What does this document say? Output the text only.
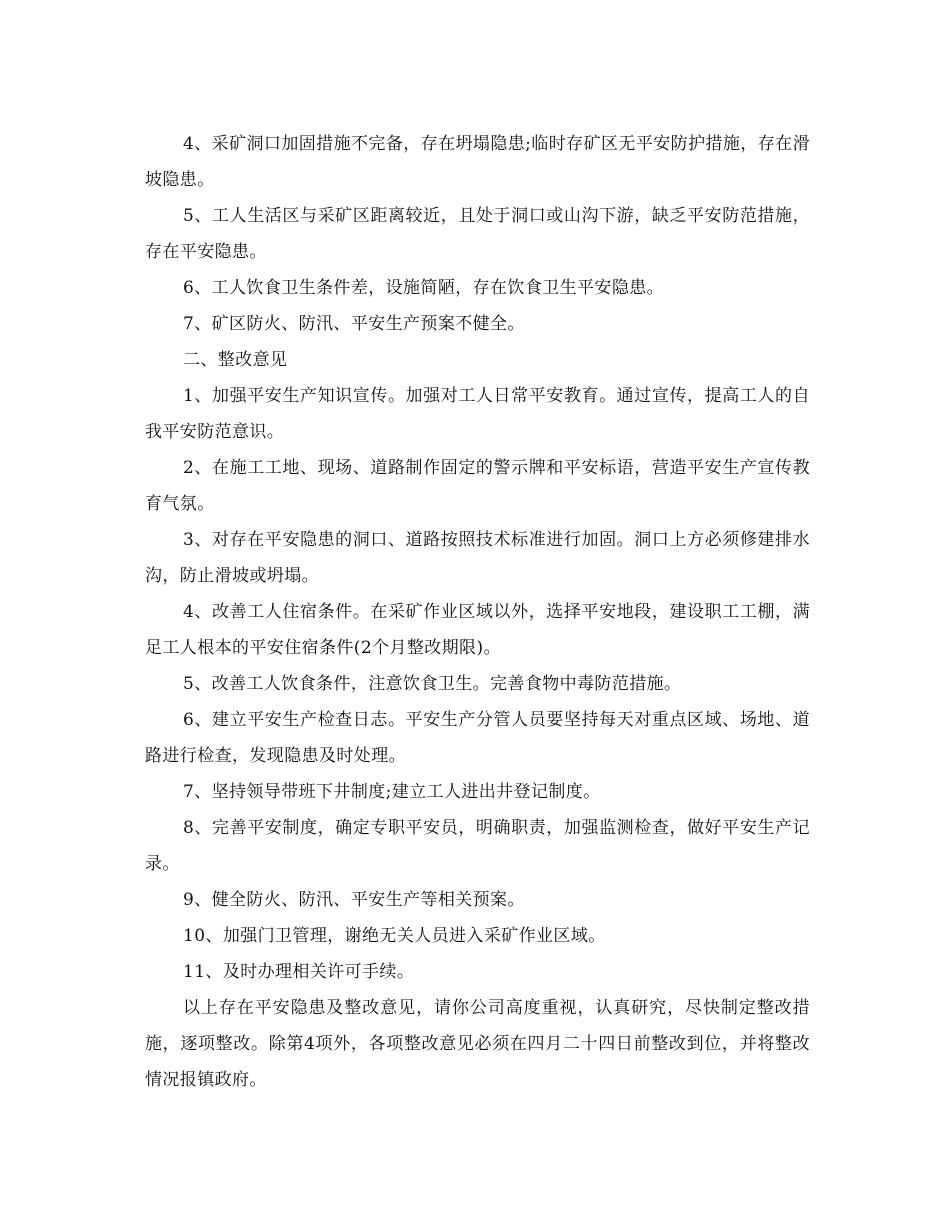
4、采矿洞口加固措施不完备，存在坍塌隐患;临时存矿区无平安防护措施，存在滑坡隐患。

5、工人生活区与采矿区距离较近，且处于洞口或山沟下游，缺乏平安防范措施，存在平安隐患。

6、工人饮食卫生条件差，设施简陋，存在饮食卫生平安隐患。

7、矿区防火、防汛、平安生产预案不健全。

二、整改意见

1、加强平安生产知识宣传。加强对工人日常平安教育。通过宣传，提高工人的自我平安防范意识。

2、在施工工地、现场、道路制作固定的警示牌和平安标语，营造平安生产宣传教育气氛。

3、对存在平安隐患的洞口、道路按照技术标准进行加固。洞口上方必须修建排水沟，防止滑坡或坍塌。

4、改善工人住宿条件。在采矿作业区域以外，选择平安地段，建设职工工棚，满足工人根本的平安住宿条件(2个月整改期限)。

5、改善工人饮食条件，注意饮食卫生。完善食物中毒防范措施。

6、建立平安生产检查日志。平安生产分管人员要坚持每天对重点区域、场地、道路进行检查，发现隐患及时处理。

7、坚持领导带班下井制度;建立工人进出井登记制度。

8、完善平安制度，确定专职平安员，明确职责，加强监测检查，做好平安生产记录。

9、健全防火、防汛、平安生产等相关预案。

10、加强门卫管理，谢绝无关人员进入采矿作业区域。

11、及时办理相关许可手续。

以上存在平安隐患及整改意见，请你公司高度重视，认真研究，尽快制定整改措施，逐项整改。除第4项外，各项整改意见必须在四月二十四日前整改到位，并将整改情况报镇政府。
